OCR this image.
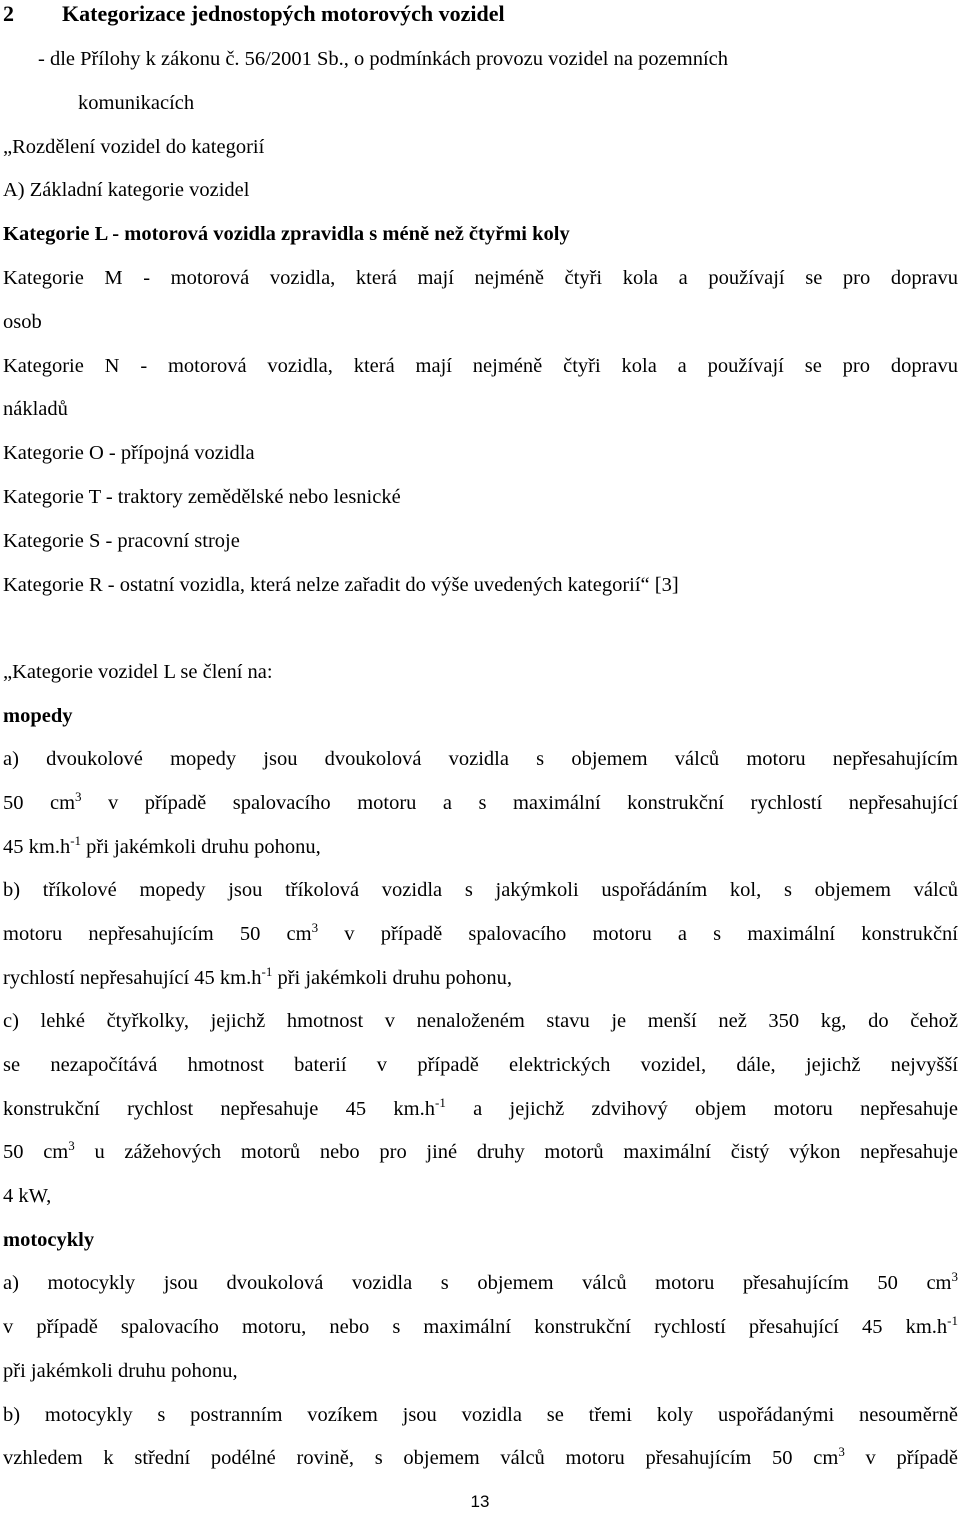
2 Kategorizace jednostopých motorových vozidel
- dle Přílohy k zákonu č. 56/2001 Sb., o podmínkách provozu vozidel na pozemních
komunikacích
„Rozdělení vozidel do kategorií
A) Základní kategorie vozidel
Kategorie L - motorová vozidla zpravidla s méně než čtyřmi koly
Kategorie M - motorová vozidla, která mají nejméně čtyři kola a používají se pro dopravu
osob
Kategorie N - motorová vozidla, která mají nejméně čtyři kola a používají se pro dopravu
nákladů
Kategorie O - přípojná vozidla
Kategorie T - traktory zemědělské nebo lesnické
Kategorie S - pracovní stroje
Kategorie R - ostatní vozidla, která nelze zařadit do výše uvedených kategorií“ [3]
„Kategorie vozidel L se člení na:
mopedy
a) dvoukolové mopedy jsou dvoukolová vozidla s objemem válců motoru nepřesahujícím
50 $cm^3$ v případě spalovacího motoru a s maximální konstrukční rychlostí nepřesahující
45 $km.h^{-1}$ při jakémkoli druhu pohonu,
b) tříkolové mopedy jsou tříkolová vozidla s jakýmkoli uspořádáním kol, s objemem válců
motoru nepřesahujícím 50 $cm^3$ v případě spalovacího motoru a s maximální konstrukční
rychlostí nepřesahující 45 $km.h^{-1}$ při jakémkoli druhu pohonu,
c) lehké čtyřkolky, jejichž hmotnost v nenaloženém stavu je menší než 350 kg, do čehož
se nezapočítává hmotnost baterií v případě elektrických vozidel, dále, jejichž nejvyšší
konstrukční rychlost nepřesahuje 45 $km.h^{-1}$ a jejichž zdvihový objem motoru nepřesahuje
50 $cm^3$ u zážehových motorů nebo pro jiné druhy motorů maximální čistý výkon nepřesahuje
4 kW,
motocykly
a) motocykly jsou dvoukolová vozidla s objemem válců motoru přesahujícím 50 $cm^3$
v případě spalovacího motoru, nebo s maximální konstrukční rychlostí přesahující 45 $km.h^{-1}$
při jakémkoli druhu pohonu,
b) motocykly s postranním vozíkem jsou vozidla se třemi koly uspořádanými nesouměrně
vzhledem k střední podélné rovině, s objemem válců motoru přesahujícím 50 $cm^3$ v případě
13
